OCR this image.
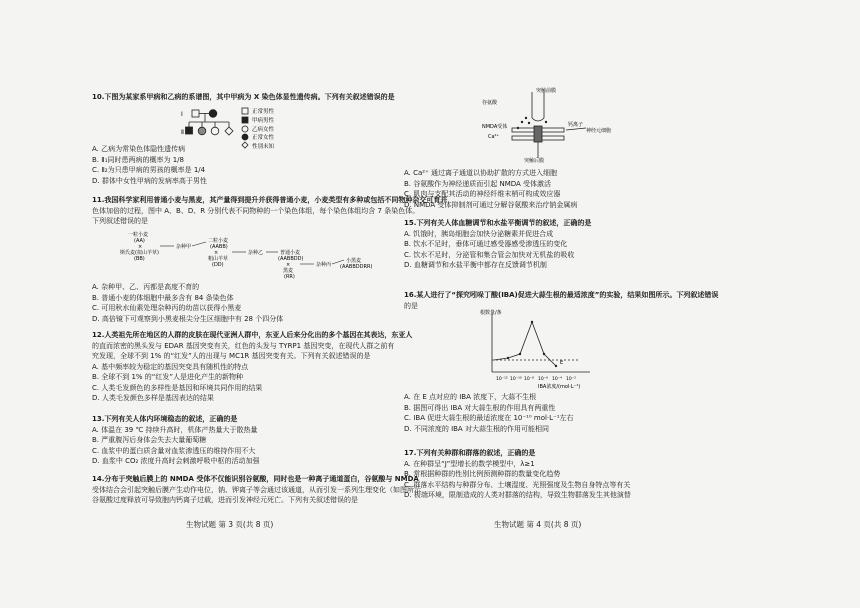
10.下图为某家系甲病和乙病的系谱图，其中甲病为 X 染色体显性遗传病。下列有关叙述错误的是

Ⅰ
Ⅱ
正常男性
甲病男性
乙病女性
正常女性
性别未知

A. 乙病为常染色体隐性遗传病

B. Ⅱ₁同时患两病的概率为 1/8

C. Ⅱ₂为只患甲病的男孩的概率是 1/4

D. 群体中女性甲病的发病率高于男性

11.我国科学家利用普通小麦与黑麦，其产量得到提升并获得普通小麦，小麦类型有多种或包括不同物种杂交可育并

色体加倍的过程，图中 A、B、D、R 分别代表不同物种的一个染色体组，每个染色体组均含 7 条染色体。

下列叙述错误的是

一粒小麦
(AA)
×
斯氏麦(拟山羊草)
(BB)
杂种甲
二粒小麦
(AABB)
×
粗山羊草
(DD)
杂种乙	普通小麦
(AABBDD)
×
黑麦
(RR)
杂种丙
小黑麦
(AABBDDRR)

A. 杂种甲、乙、丙都是高度不育的

B. 普通小麦的体细胞中最多含有 84 条染色体

C. 可用秋水仙素处理杂种丙的幼苗以获得小黑麦

D. 高倍镜下可观察到小黑麦根尖分生区细胞中有 28 个四分体

12.人类祖先所在地区的人群的皮肤在现代亚洲人群中，东亚人后来分化出的多个基因在其表达，东亚人

的直而浓密的黑头发与 EDAR 基因突变有关，红色的头发与 TYRP1 基因突变，在现代人群之前有

究发现，全球不到 1% 的“红发”人的出现与 MC1R 基因突变有关。下列有关叙述错误的是

A. 基中频率较为稳定的基因突变具有随机性的特点

B. 全球不到 1% 的“红发”人是进化产生的新物种

C. 人类毛发颜色的多样性是基因和环境共同作用的结果

D. 人类毛发颜色多样是基因表达的结果

13.下列有关人体内环境稳态的叙述，正确的是

A. 体温在 39 ℃ 持续升高时，机体产热量大于散热量

B. 严重腹泻后身体会失去大量葡萄糖

C. 血浆中的蛋白质含量对血浆渗透压的维持作用不大

D. 血浆中 CO₂ 浓度升高时会刺激呼吸中枢的活动加强

14.分布于突触后膜上的 NMDA 受体不仅能识别谷氨酸，同时也是一种离子通道蛋白，谷氨酸与 NMDA

受体结合会引起突触后膜产生动作电位，钠、钾离子等会通过该通道，从而引发一系列生理变化（如图所示

谷氨酸过度释放可导致胞内钙离子过载，进而引发神经元死亡。下列有关叙述错误的是

生物试题 第 3 页(共 8 页)
突触前膜
谷氨酸
NMDA受体
Ca²⁺
钙离子
神经元细胞
突触后膜

A. Ca²⁺ 通过离子通道以协助扩散的方式进入细胞

B. 谷氨酸作为神经递质而引起 NMDA 受体激活

C. 肌肉与支配其活动的神经纤维末梢可构成效应器

D. NMDA 受体抑制剂可通过分解谷氨酸来治疗钠金属病

15.下列有关人体血糖调节和水盐平衡调节的叙述，正确的是

A. 饥饿时，胰岛细胞会加快分泌糖素并促进合成

B. 饮水不足时，垂体可通过感受器感受渗透压的变化

C. 饮水不足时，分泌管和集合管会加快对无机盐的吸收

D. 血糖调节和水盐平衡中都存在反馈调节机制

16.某人进行了“探究吲哚丁酸(IBA)促进大蒜生根的最适浓度”的实验，结果如图所示。下列叙述错误

的是

根数量/条
E
10⁻¹² 10⁻¹⁰ 10⁻⁸ 10⁻⁶ 10⁻⁴ 10⁻²
IBA浓度/(mol·L⁻¹)

A. 在 E 点对应的 IBA 浓度下，大蒜不生根

B. 据图可得出 IBA 对大蒜生根的作用具有两重性

C. IBA 促进大蒜生根的最适浓度在 10⁻¹⁰ mol·L⁻¹左右

D. 不同浓度的 IBA 对大蒜生根的作用可能相同

17.下列有关种群和群落的叙述，正确的是

A. 在种群呈“J”型增长的数学模型中，λ≥1

B. 常根据种群的性别比例预测种群的数量变化趋势

C. 群落水平结构与种群分布、土壤湿度、光照强度及生物自身特点等有关

D. 极端环境，限制造成的人类对群落的结构，导致生物群落发生其他演替

生物试题 第 4 页(共 8 页)
